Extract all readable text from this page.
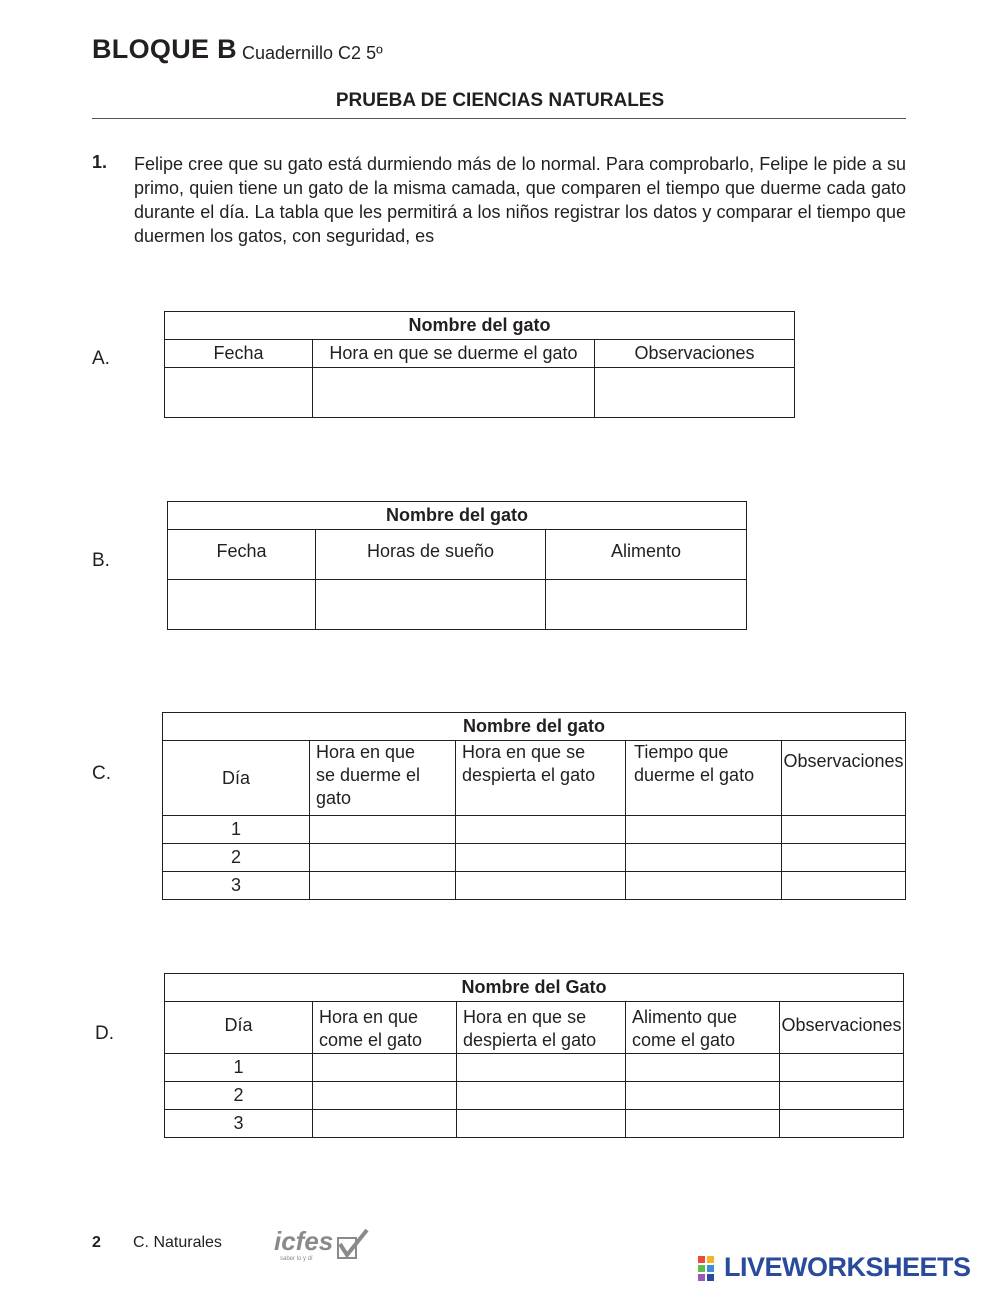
BLOQUE B Cuadernillo C2 5º
PRUEBA DE CIENCIAS NATURALES
1. Felipe cree que su gato está durmiendo más de lo normal. Para comprobarlo, Felipe le pide a su primo, quien tiene un gato de la misma camada, que comparen el tiempo que duerme cada gato durante el día. La tabla que les permitirá a los niños registrar los datos y comparar el tiempo que duermen los gatos, con seguridad, es
A.
Nombre del gato		
Fecha	Hora en que se duerme el gato	Observaciones

B.
Nombre del gato		
Fecha	Horas de sueño	Alimento

C.
Nombre del gato				
Día	Hora en que se duerme el gato	Hora en que se despierta el gato	Tiempo que duerme el gato	Observaciones
1				
2				
3				
D.
Nombre del Gato				
Día	Hora en que come el gato	Hora en que se despierta el gato	Alimento que come el gato	Observaciones
1				
2				
3				
2 C. Naturales icfes
saber lo y dí	LIVEWORKSHEETS
